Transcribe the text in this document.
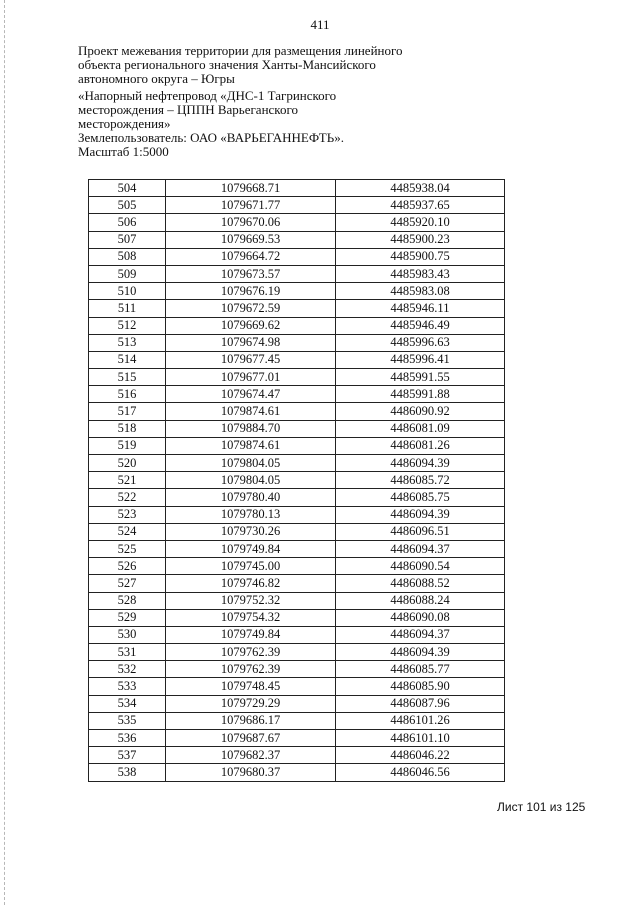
411

Проект межевания территории для размещения линейного

объекта регионального значения Ханты-Мансийского

автономного округа – Югры

«Напорный нефтепровод «ДНС-1 Тагринского

месторождения – ЦППН Варьеганского

месторождения»

Землепользователь: ОАО «ВАРЬЕГАННЕФТЬ».

Масштаб 1:5000

504	1079668.71	4485938.04
505	1079671.77	4485937.65
506	1079670.06	4485920.10
507	1079669.53	4485900.23
508	1079664.72	4485900.75
509	1079673.57	4485983.43
510	1079676.19	4485983.08
511	1079672.59	4485946.11
512	1079669.62	4485946.49
513	1079674.98	4485996.63
514	1079677.45	4485996.41
515	1079677.01	4485991.55
516	1079674.47	4485991.88
517	1079874.61	4486090.92
518	1079884.70	4486081.09
519	1079874.61	4486081.26
520	1079804.05	4486094.39
521	1079804.05	4486085.72
522	1079780.40	4486085.75
523	1079780.13	4486094.39
524	1079730.26	4486096.51
525	1079749.84	4486094.37
526	1079745.00	4486090.54
527	1079746.82	4486088.52
528	1079752.32	4486088.24
529	1079754.32	4486090.08
530	1079749.84	4486094.37
531	1079762.39	4486094.39
532	1079762.39	4486085.77
533	1079748.45	4486085.90
534	1079729.29	4486087.96
535	1079686.17	4486101.26
536	1079687.67	4486101.10
537	1079682.37	4486046.22
538	1079680.37	4486046.56
Лист 101 из 125
